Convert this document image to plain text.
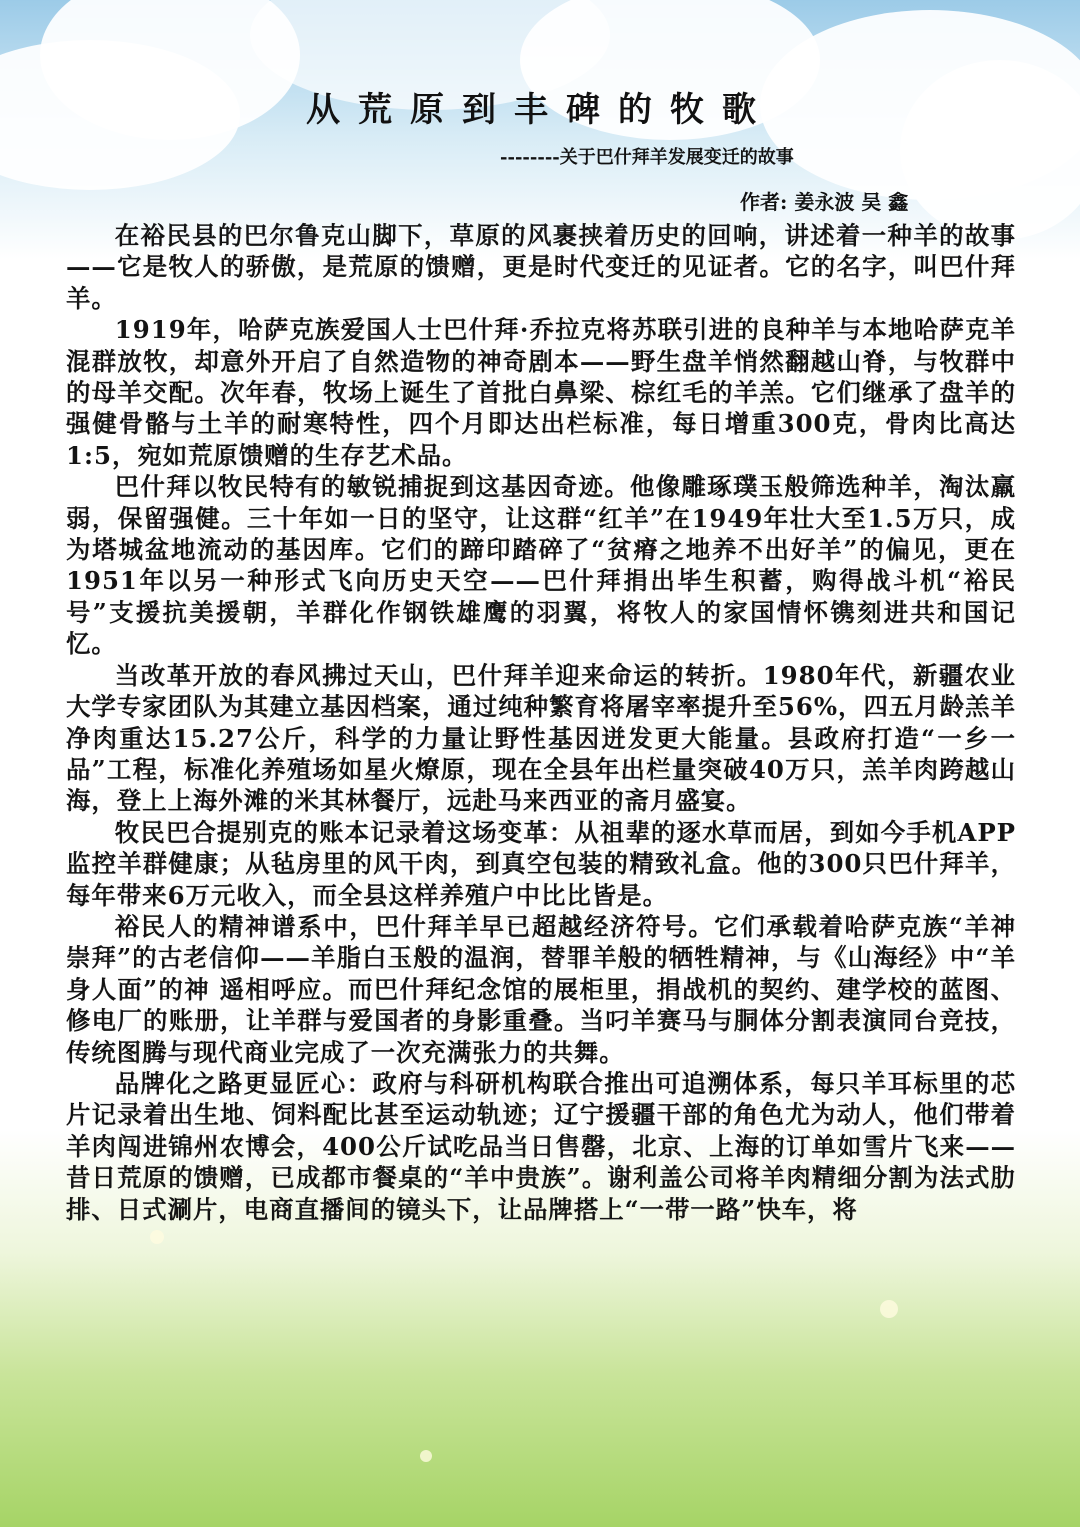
从荒原到丰碑的牧歌

--------关于巴什拜羊发展变迁的故事

作者: 姜永波 吴 鑫

在裕民县的巴尔鲁克山脚下，草原的风裹挟着历史的回响，讲述着一种羊的故事——它是牧人的骄傲，是荒原的馈赠，更是时代变迁的见证者。它的名字，叫巴什拜羊。

1919年，哈萨克族爱国人士巴什拜·乔拉克将苏联引进的良种羊与本地哈萨克羊混群放牧，却意外开启了自然造物的神奇剧本——野生盘羊悄然翻越山脊，与牧群中的母羊交配。次年春，牧场上诞生了首批白鼻梁、棕红毛的羊羔。它们继承了盘羊的强健骨骼与土羊的耐寒特性，四个月即达出栏标准，每日增重300克，骨肉比高达1:5，宛如荒原馈赠的生存艺术品。

巴什拜以牧民特有的敏锐捕捉到这基因奇迹。他像雕琢璞玉般筛选种羊，淘汰羸弱，保留强健。三十年如一日的坚守，让这群“红羊”在1949年壮大至1.5万只，成为塔城盆地流动的基因库。它们的蹄印踏碎了“贫瘠之地养不出好羊”的偏见，更在1951年以另一种形式飞向历史天空——巴什拜捐出毕生积蓄，购得战斗机“裕民号”支援抗美援朝，羊群化作钢铁雄鹰的羽翼，将牧人的家国情怀镌刻进共和国记忆。

当改革开放的春风拂过天山，巴什拜羊迎来命运的转折。1980年代，新疆农业大学专家团队为其建立基因档案，通过纯种繁育将屠宰率提升至56%，四五月龄羔羊净肉重达15.27公斤，科学的力量让野性基因迸发更大能量。县政府打造“一乡一品”工程，标准化养殖场如星火燎原，现在全县年出栏量突破40万只，羔羊肉跨越山海，登上上海外滩的米其林餐厅，远赴马来西亚的斋月盛宴。

牧民巴合提别克的账本记录着这场变革：从祖辈的逐水草而居，到如今手机APP监控羊群健康；从毡房里的风干肉，到真空包装的精致礼盒。他的300只巴什拜羊，每年带来6万元收入，而全县这样养殖户中比比皆是。

裕民人的精神谱系中，巴什拜羊早已超越经济符号。它们承载着哈萨克族“羊神崇拜”的古老信仰——羊脂白玉般的温润，替罪羊般的牺牲精神，与《山海经》中“羊身人面”的神 遥相呼应。而巴什拜纪念馆的展柜里，捐战机的契约、建学校的蓝图、修电厂的账册，让羊群与爱国者的身影重叠。当叼羊赛马与胴体分割表演同台竞技，传统图腾与现代商业完成了一次充满张力的共舞。

品牌化之路更显匠心：政府与科研机构联合推出可追溯体系，每只羊耳标里的芯片记录着出生地、饲料配比甚至运动轨迹；辽宁援疆干部的角色尤为动人，他们带着羊肉闯进锦州农博会，400公斤试吃品当日售罄，北京、上海的订单如雪片飞来——昔日荒原的馈赠，已成都市餐桌的“羊中贵族”。谢利盖公司将羊肉精细分割为法式肋排、日式涮片，电商直播间的镜头下，让品牌搭上“一带一路”快车，将
